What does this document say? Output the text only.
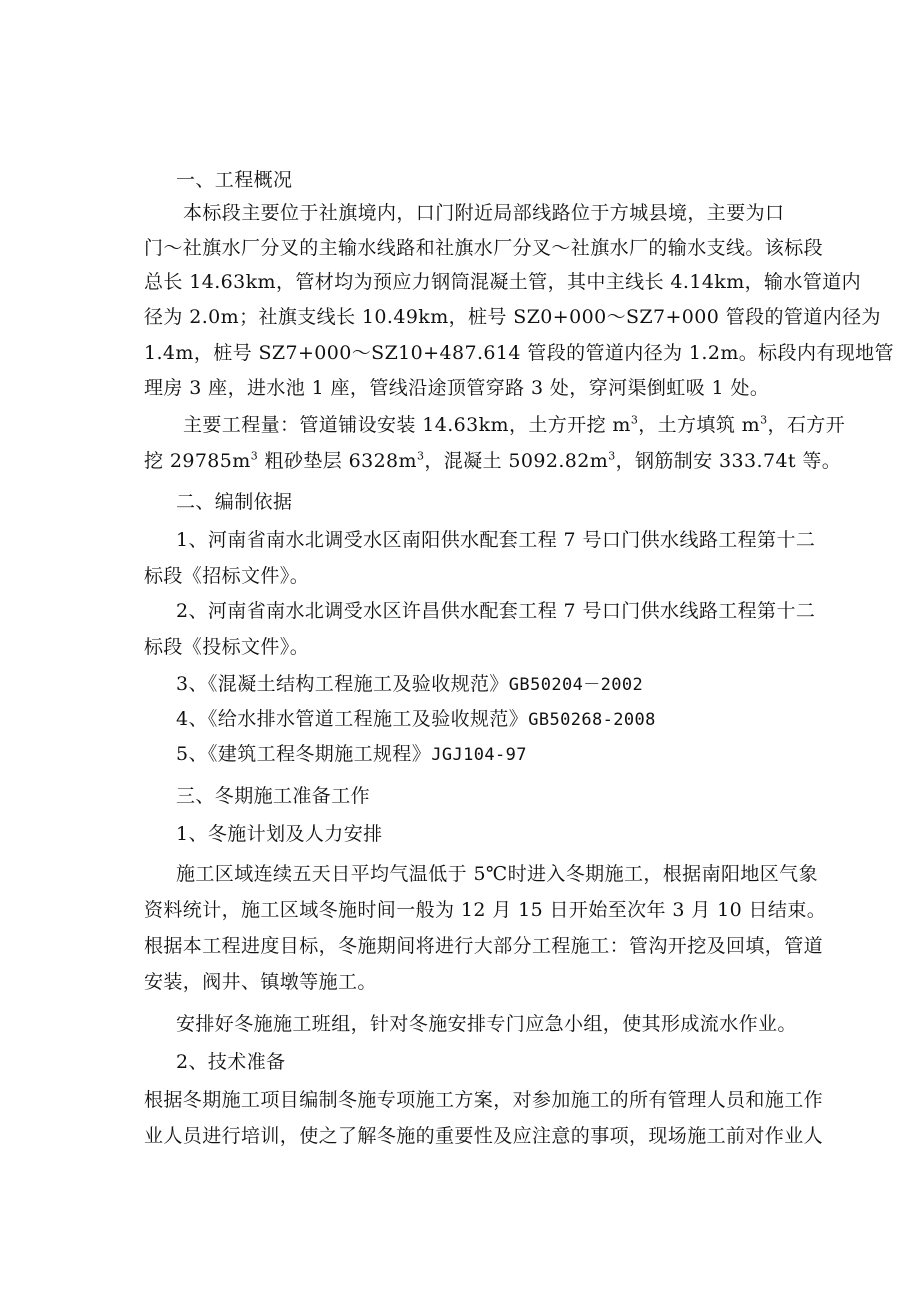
一、工程概况
本标段主要位于社旗境内，口门附近局部线路位于方城县境，主要为口
门～社旗水厂分叉的主输水线路和社旗水厂分叉～社旗水厂的输水支线。该标段
总长 14.63km，管材均为预应力钢筒混凝土管，其中主线长 4.14km，输水管道内
径为 2.0m；社旗支线长 10.49km，桩号 SZ0+000～SZ7+000 管段的管道内径为
1.4m，桩号 SZ7+000～SZ10+487.614 管段的管道内径为 1.2m。标段内有现地管
理房 3 座，进水池 1 座，管线沿途顶管穿路 3 处，穿河渠倒虹吸 1 处。
主要工程量：管道铺设安装 14.63km，土方开挖 $m^3$，土方填筑 $m^3$，石方开
挖 $29785m^3$ 粗砂垫层 $6328m^3$，混凝土 $5092.82m^3$，钢筋制安 333.74t 等。
二、编制依据
1、河南省南水北调受水区南阳供水配套工程 7 号口门供水线路工程第十二
标段《招标文件》。
2、河南省南水北调受水区许昌供水配套工程 7 号口门供水线路工程第十二
标段《投标文件》。
3、《混凝土结构工程施工及验收规范》GB50204－2002
4、《给水排水管道工程施工及验收规范》GB50268-2008
5、《建筑工程冬期施工规程》JGJ104-97
三、冬期施工准备工作
1、冬施计划及人力安排
施工区域连续五天日平均气温低于 5℃时进入冬期施工，根据南阳地区气象
资料统计，施工区域冬施时间一般为 12 月 15 日开始至次年 3 月 10 日结束。
根据本工程进度目标，冬施期间将进行大部分工程施工：管沟开挖及回填，管道
安装，阀井、镇墩等施工。
安排好冬施施工班组，针对冬施安排专门应急小组，使其形成流水作业。
2、技术准备
根据冬期施工项目编制冬施专项施工方案，对参加施工的所有管理人员和施工作
业人员进行培训，使之了解冬施的重要性及应注意的事项，现场施工前对作业人
